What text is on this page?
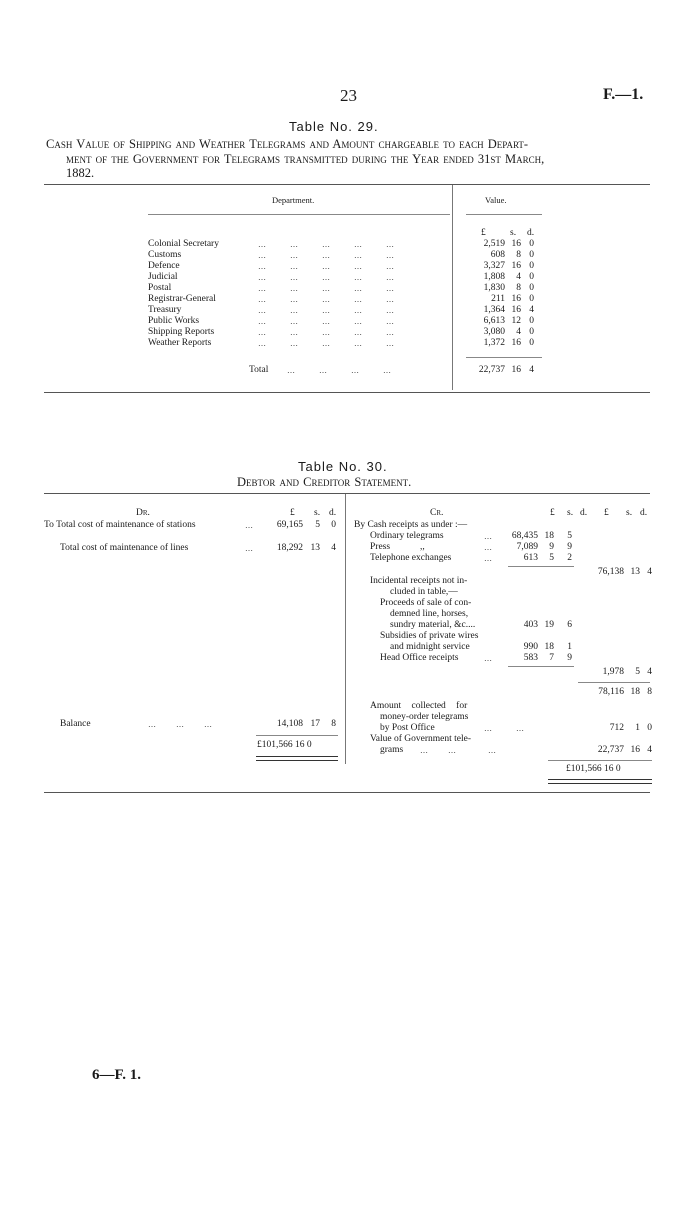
23	F.—1.
Table No. 29.
Cash Value of Shipping and Weather Telegrams and Amount chargeable to each Depart-
ment of the Government for Telegrams transmitted during the Year ended 31st March,
1882.
Department.	Value.
£	s. d.
Colonial Secretary	…            …            …            …            …	2,519 16 0
Customs	…            …            …            …            …	608	8 0
Defence	…            …            …            …            …	3,327 16 0
Judicial	…            …            …            …            …	1,808	4 0
Postal	…            …            …            …            …	1,830	8 0
Registrar-General	…            …            …            …            …	211 16 0
Treasury	…            …            …            …            …	1,364 16 4
Public Works	…            …            …            …            …	6,613 12 0
Shipping Reports	…            …            …            …            …	3,080	4 0
Weather Reports	…            …            …            …            …	1,372 16 0
Total …            …            …            …	22,737 16 4
Table No. 30.
Debtor and Creditor Statement.
Dr.	£ s. d.	Cr.	£ s. d. £ s. d.
To Total cost of maintenance of stations	…	69,165	5	0
Total cost of maintenance of lines	…	18,292 13	4
Balance	…          …          …	14,108 17	8
£101,566 16 0
By Cash receipts as under :—
Ordinary telegrams	…	68,435 18	5
Press	,,	…	7,089	9	9
Telephone exchanges	…	613	5	2
76,138 13 4
Incidental receipts not in-
cluded in table,—
Proceeds of sale of con-
demned line, horses,
sundry material, &c....	403 19	6
Subsidies of private wires
and midnight service	990 18	1
Head Office receipts	…	583	7	9
1,978	5 4
78,116 18 8
Amount collected for
money-order telegrams
by Post Office	…            …	712	1 0
Value of Government tele-
grams …          …                …	22,737 16 4
£101,566 16 0
6—F. 1.
